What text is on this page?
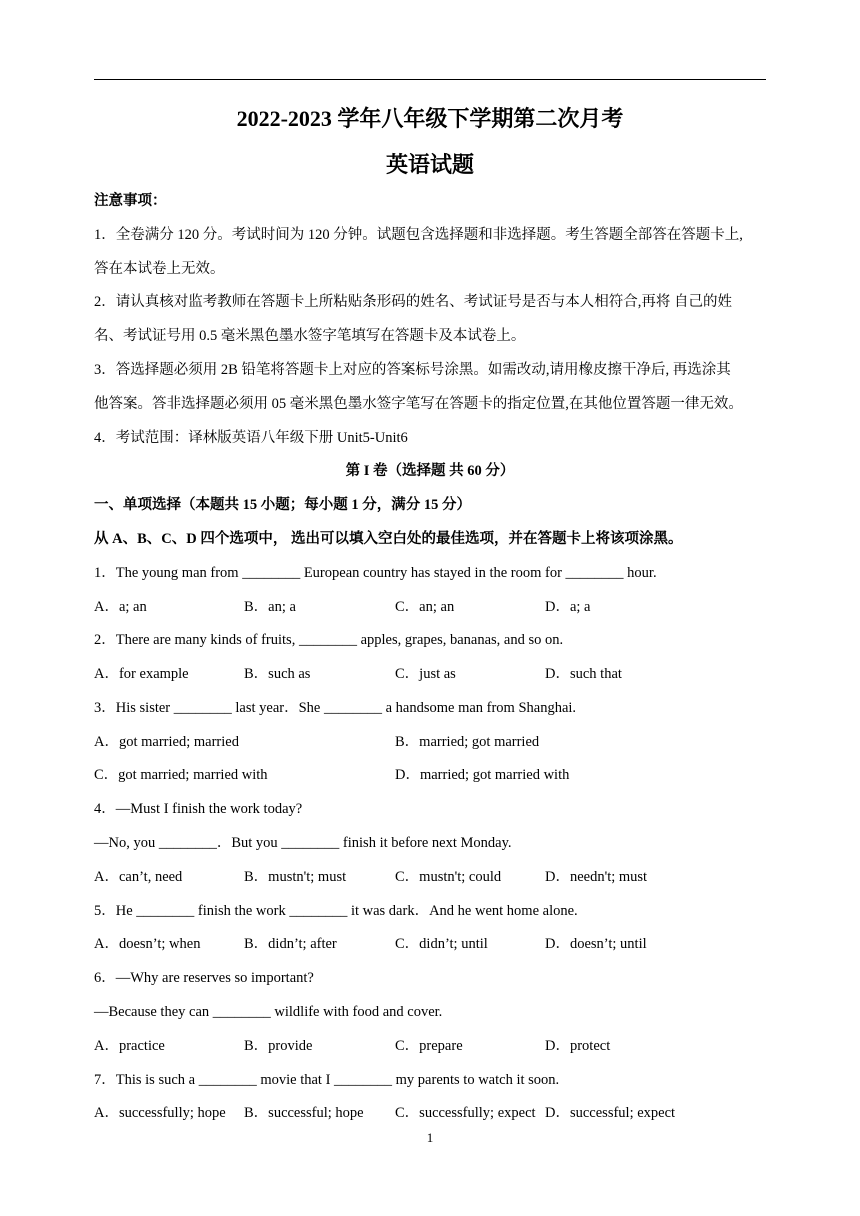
2022-2023 学年八年级下学期第二次月考
英语试题
注意事项：
1．全卷满分 120 分。考试时间为 120 分钟。试题包含选择题和非选择题。考生答题全部答在答题卡上,
答在本试卷上无效。
2．请认真核对监考教师在答题卡上所粘贴条形码的姓名、考试证号是否与本人相符合,再将 自己的姓
名、考试证号用 0.5 毫米黑色墨水签字笔填写在答题卡及本试卷上。
3．答选择题必须用 2B 铅笔将答题卡上对应的答案标号涂黑。如需改动,请用橡皮擦干净后, 再选涂其
他答案。答非选择题必须用 05 毫米黑色墨水签字笔写在答题卡的指定位置,在其他位置答题一律无效。
4．考试范围：译林版英语八年级下册 Unit5-Unit6
第 I 卷（选择题 共 60 分）
一、单项选择（本题共 15 小题；每小题 1 分，满分 15 分）
从 A、B、C、D 四个选项中， 选出可以填入空白处的最佳选项，并在答题卡上将该项涂黑。
1．The young man from ________ European country has stayed in the room for ________ hour.
A．a; an	B．an; a	C．an; an	D．a; a
2．There are many kinds of fruits, ________ apples, grapes, bananas, and so on.
A．for example	B．such as	C．just as	D．such that
3．His sister ________ last year．She ________ a handsome man from Shanghai.
A．got married; married	B．married; got married
C．got married; married with	D．married; got married with
4．—Must I finish the work today?
—No, you ________．But you ________ finish it before next Monday.
A．can’t, need	B．mustn't; must	C．mustn't; could	D．needn't; must
5．He ________ finish the work ________ it was dark．And he went home alone.
A．doesn’t; when	B．didn’t; after	C．didn’t; until	D．doesn’t; until
6．—Why are reserves so important?
—Because they can ________ wildlife with food and cover.
A．practice	B．provide	C．prepare	D．protect
7．This is such a ________ movie that I ________ my parents to watch it soon.
A．successfully; hope B．successful; hope C．successfully; expect D．successful; expect
1
